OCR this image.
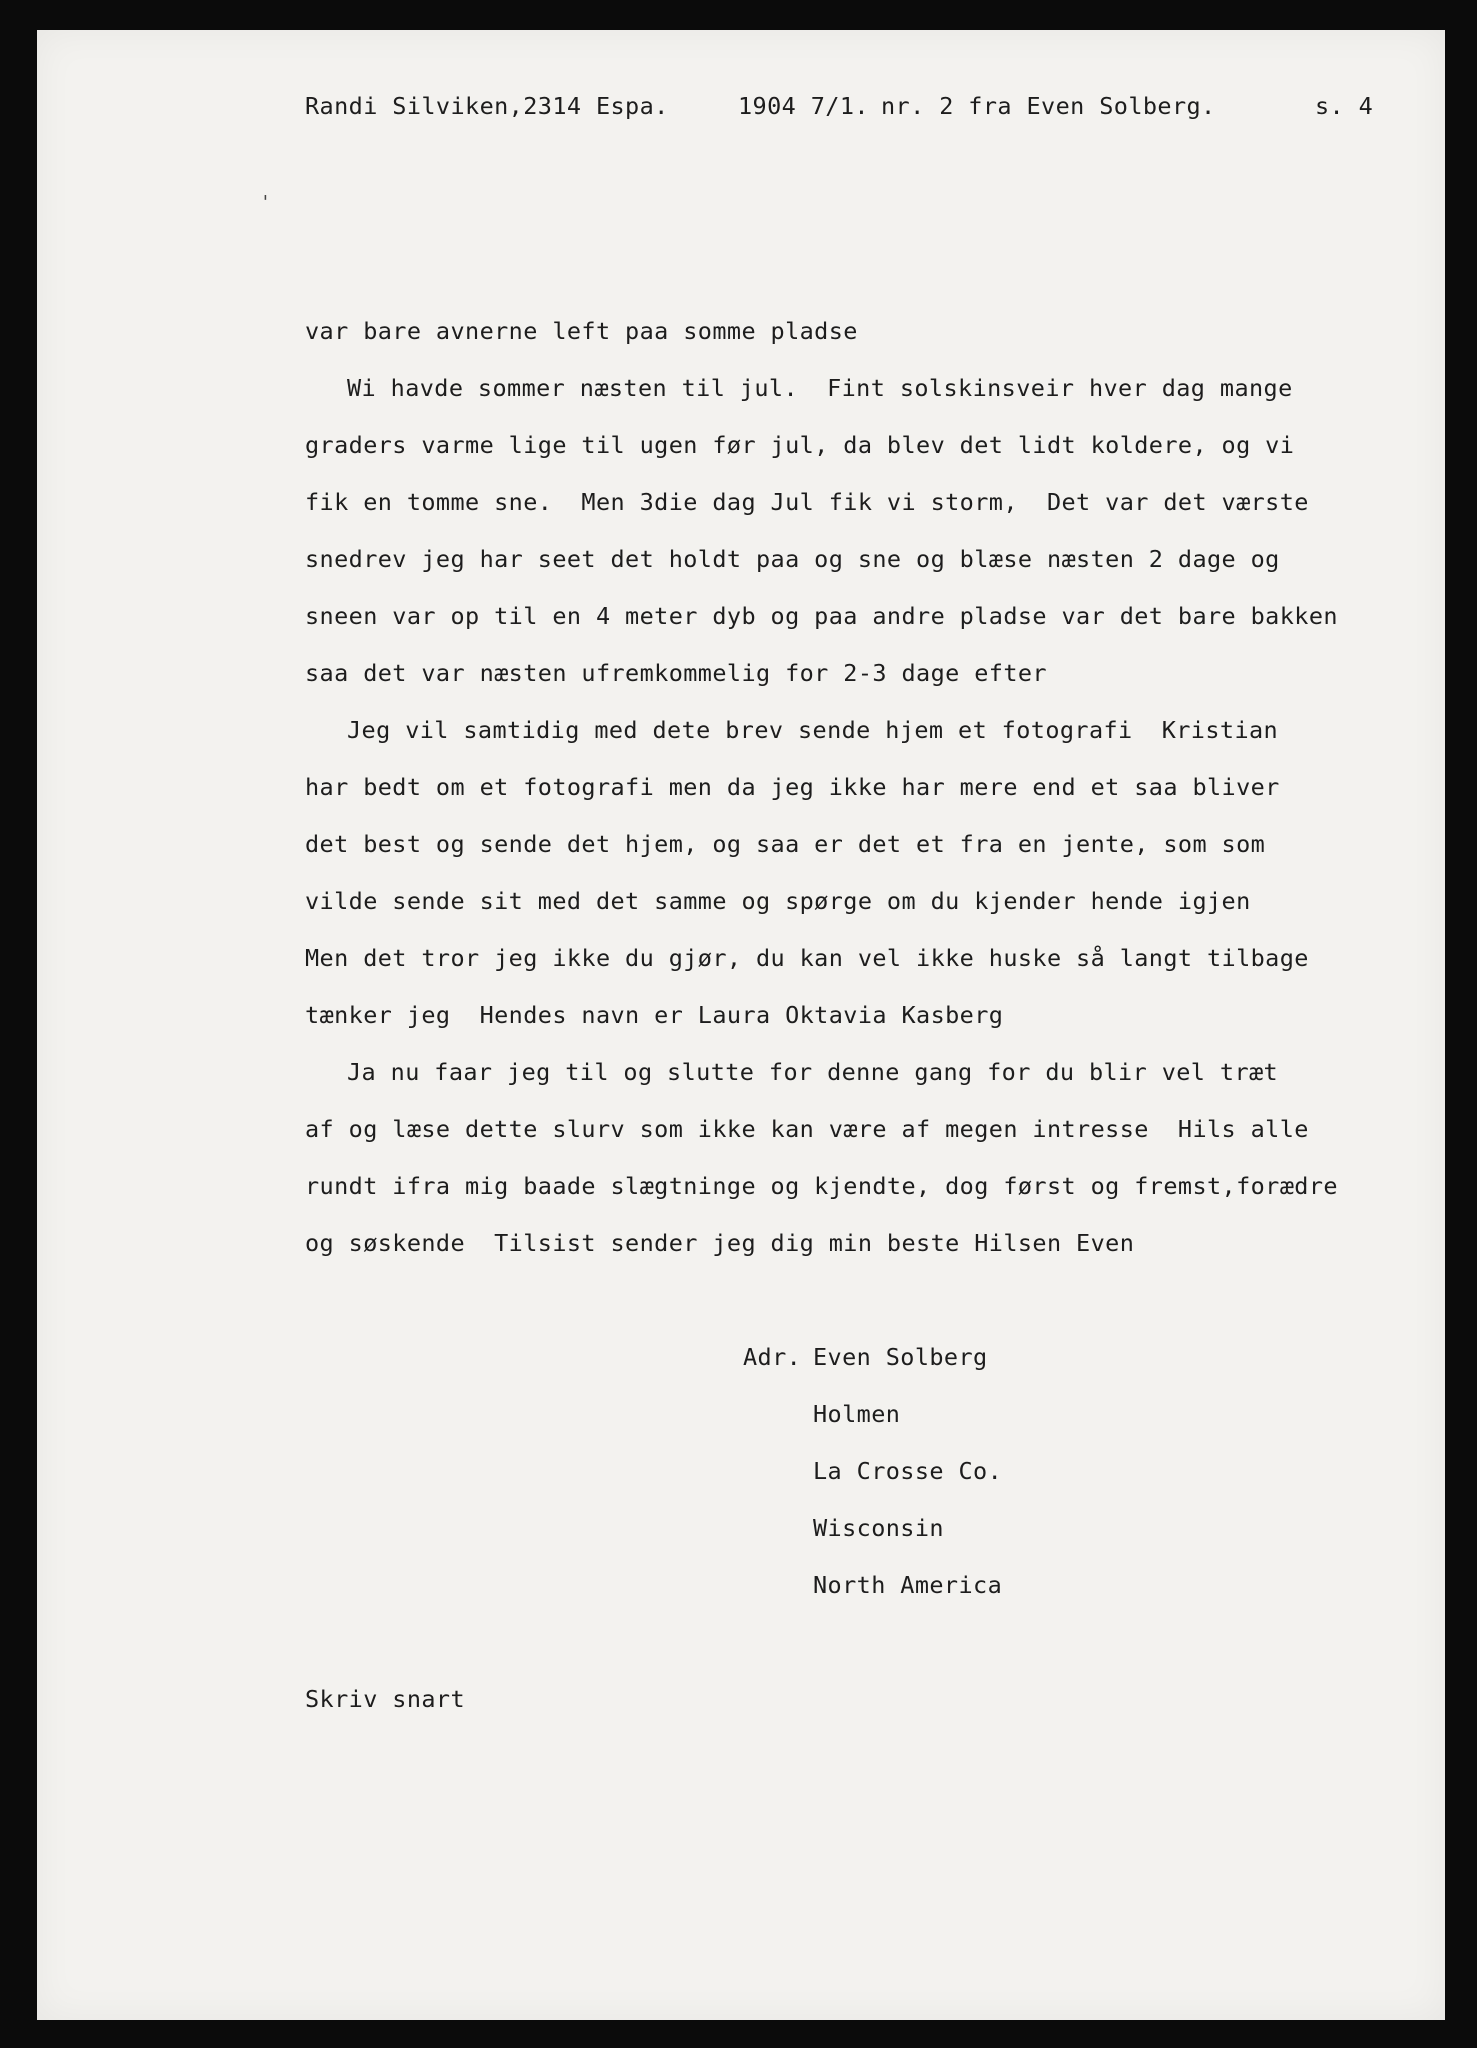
Randi Silviken,2314 Espa.	1904 7/1. nr. 2 fra Even Solberg.	s. 4
'
var bare avnerne left paa somme pladse
Wi havde sommer næsten til jul.  Fint solskinsveir hver dag mange
graders varme lige til ugen før jul, da blev det lidt koldere, og vi
fik en tomme sne.  Men 3die dag Jul fik vi storm,  Det var det værste
snedrev jeg har seet det holdt paa og sne og blæse næsten 2 dage og
sneen var op til en 4 meter dyb og paa andre pladse var det bare bakken
saa det var næsten ufremkommelig for 2-3 dage efter
Jeg vil samtidig med dete brev sende hjem et fotografi  Kristian
har bedt om et fotografi men da jeg ikke har mere end et saa bliver
det best og sende det hjem, og saa er det et fra en jente, som som
vilde sende sit med det samme og spørge om du kjender hende igjen
Men det tror jeg ikke du gjør, du kan vel ikke huske så langt tilbage
tænker jeg  Hendes navn er Laura Oktavia Kasberg
Ja nu faar jeg til og slutte for denne gang for du blir vel træt
af og læse dette slurv som ikke kan være af megen intresse  Hils alle
rundt ifra mig baade slægtninge og kjendte, dog først og fremst,forædre
og søskende  Tilsist sender jeg dig min beste Hilsen Even
Adr. Even Solberg
Holmen
La Crosse Co.
Wisconsin
North America
Skriv snart
